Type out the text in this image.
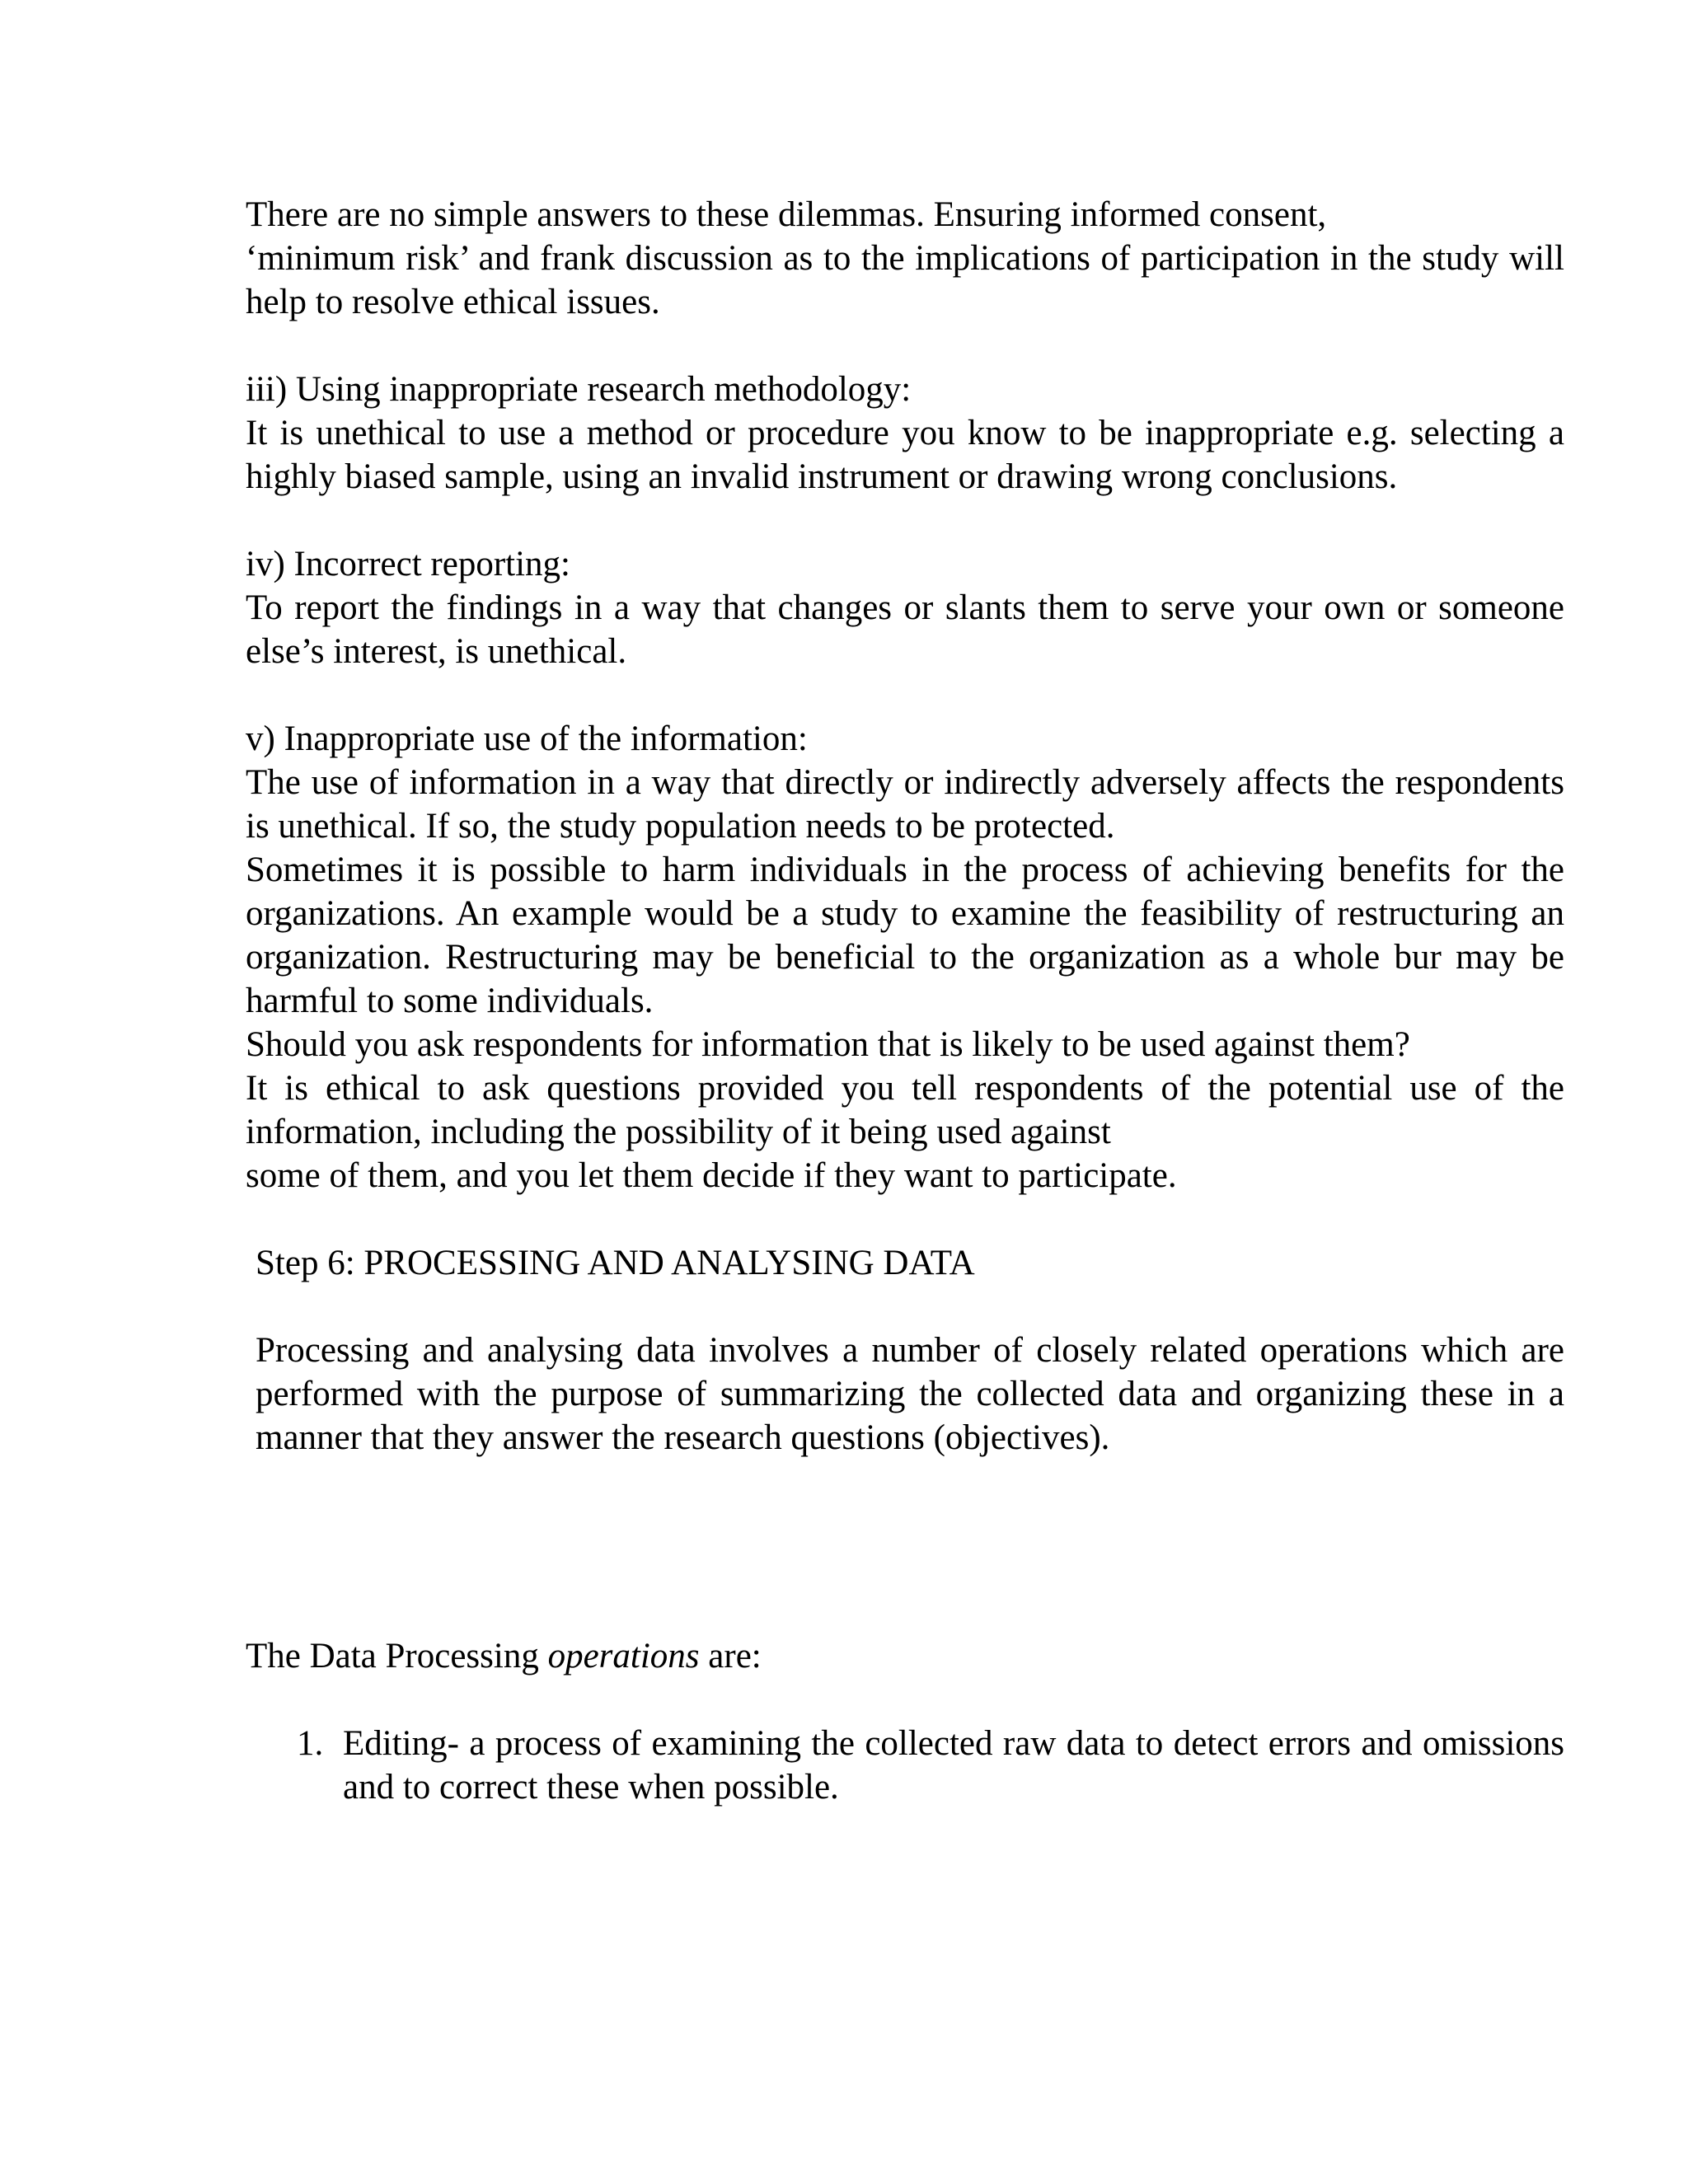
There are no simple answers to these dilemmas. Ensuring informed consent,
‘minimum risk’ and frank discussion as to the implications of participation in the study will help to resolve ethical issues.

iii) Using inappropriate research methodology:

It is unethical to use a method or procedure you know to be inappropriate e.g. selecting a highly biased sample, using an invalid instrument or drawing wrong conclusions.

iv) Incorrect reporting:

To report the findings in a way that changes or slants them to serve your own or someone else’s interest, is unethical.

v) Inappropriate use of the information:

The use of information in a way that directly or indirectly adversely affects the respondents is unethical. If so, the study population needs to be protected.

Sometimes it is possible to harm individuals in the process of achieving benefits for the organizations. An example would be a study to examine the feasibility of restructuring an organization. Restructuring may be beneficial to the organization as a whole bur may be harmful to some individuals.

Should you ask respondents for information that is likely to be used against them?

It is ethical to ask questions provided you tell respondents of the potential use of the information, including the possibility of it being used against
some of them, and you let them decide if they want to participate.

Step 6: PROCESSING AND ANALYSING DATA

Processing and analysing data involves a number of closely related operations which are performed with the purpose of summarizing the collected data and organizing these in a manner that they answer the research questions (objectives).

The Data Processing operations are:

1. Editing- a process of examining the collected raw data to detect errors and omissions and to correct these when possible.
